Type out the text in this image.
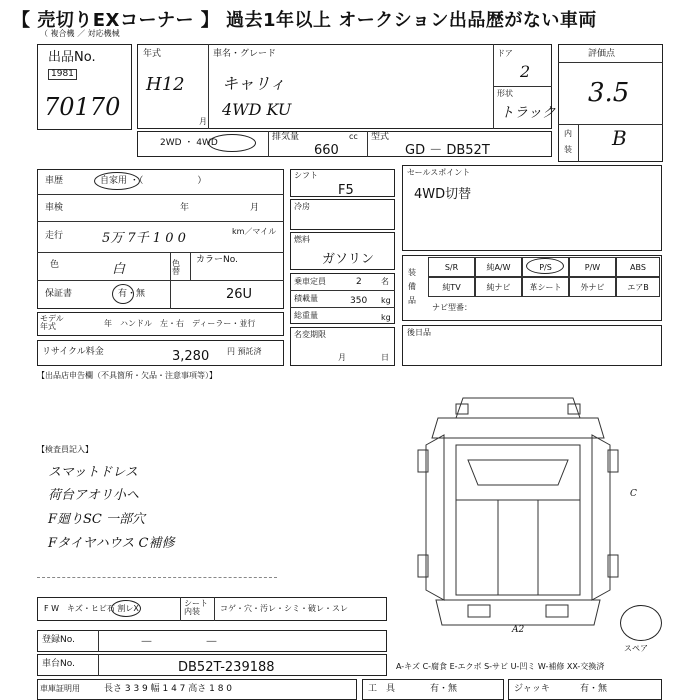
【 売切りEXコーナー 】 過去1年以上 オークション出品歴がない車両
（ 複合機 ／ 対応機械
出品No.
1981
70170
年式
H12
月
車名・グレード
キャリィ
4WD KU
ドア
2
形状
トラック
評価点
3.5
内
装 B
2WD ・ 4WD
排気量	cc
660
型式
GD － DB52T
車歴	自家用 ・（　　　　　　）
車検	年	月
走行	5万 7千 1 0 0	km／マイル
色	白	色替
カラーNo.
26U
保証書	有・無
モデル年式	年　ハンドル　左・右　ディーラー・並行
リサイクル料金	3,280 円 預託済
【出品店申告欄（不具箇所・欠品・注意事項等）】
【検査員記入】
スマットドレス
荷台アオリ小ヘ
F廻りSC 一部穴
Fタイヤハウス C補修
シフト
F5
冷房
燃料
ガソリン
乗車定員	2 名
積載量	350 kg
総重量	kg
名変期限
月	日
セールスポイント
4WD切替
装備品
S/R	純A/W	P/S	P/W	ABS
純TV	純ナビ	革シート	外ナビ	エアB
ナビ型番：
後日品
C
A2
スペア
F W　キズ・ヒビ石 割レX
シート内装	コゲ・穴・汚レ・シミ・破レ・スレ
登録No.	－　　　　－
車台No.	DB52T-239188	A-キズ C-腐食 E-エクボ S-サビ U-凹ミ W-補修 XX-交換済
車庫証明用	長さ 3 3 9 幅 1 4 7 高さ 1 8 0	工　具	有・無	ジャッキ	有・無
